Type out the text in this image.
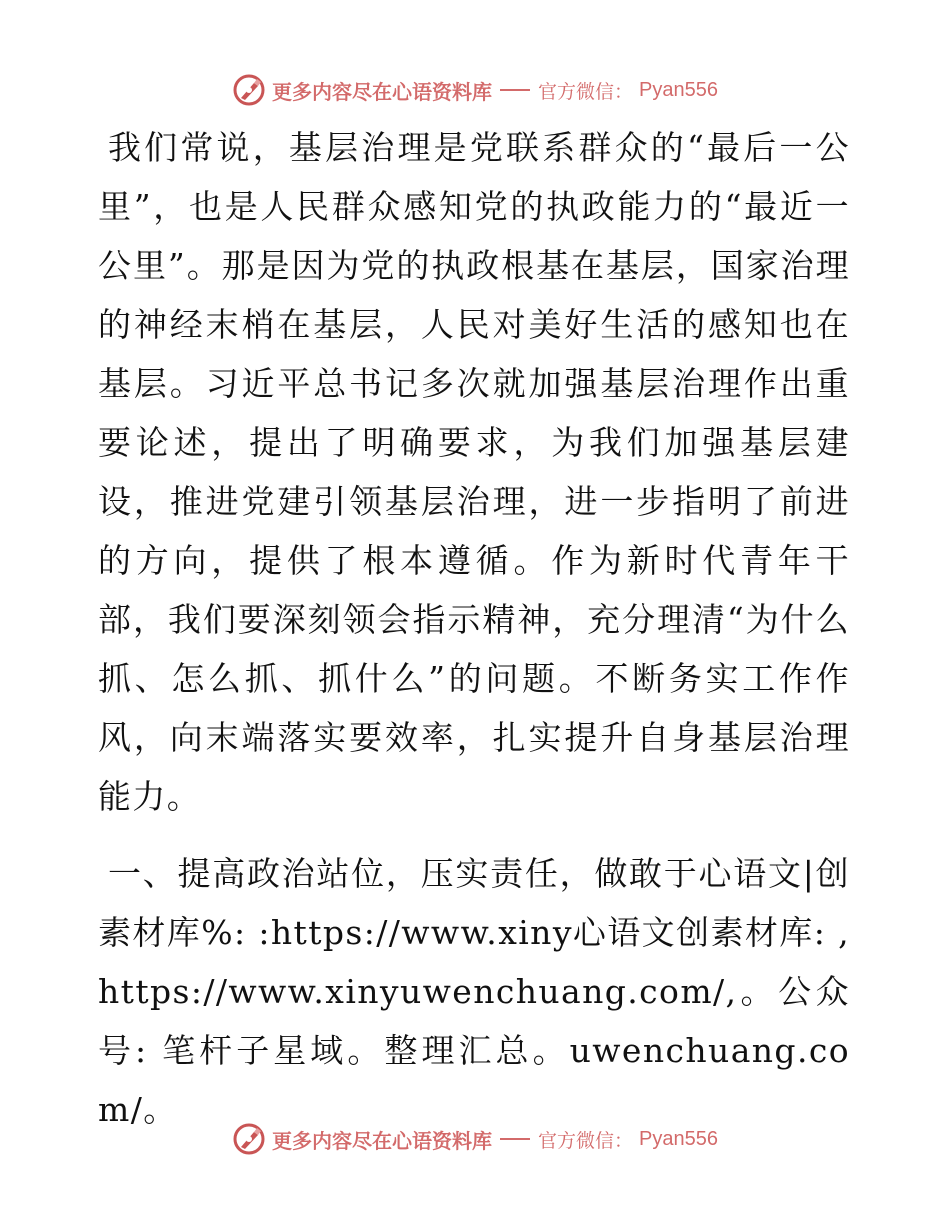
更多内容尽在心语资料库 官方微信： Pyan556

我们常说，基层治理是党联系群众的“最后一公里”，也是人民群众感知党的执政能力的“最近一公里”。那是因为党的执政根基在基层，国家治理的神经末梢在基层，人民对美好生活的感知也在基层。习近平总书记多次就加强基层治理作出重要论述，提出了明确要求，为我们加强基层建设，推进党建引领基层治理，进一步指明了前进的方向，提供了根本遵循。作为新时代青年干部，我们要深刻领会指示精神，充分理清“为什么抓、怎么抓、抓什么”的问题。不断务实工作作风，向末端落实要效率，扎实提升自身基层治理能力。

一、提高政治站位，压实责任，做敢于心语文|创素材库%: :https://www.xiny心语文创素材库: ,https://www.xinyuwenchuang.com/,。公众号: 笔杆子星域。整理汇总。uwenchuang.com/。

更多内容尽在心语资料库 官方微信： Pyan556
